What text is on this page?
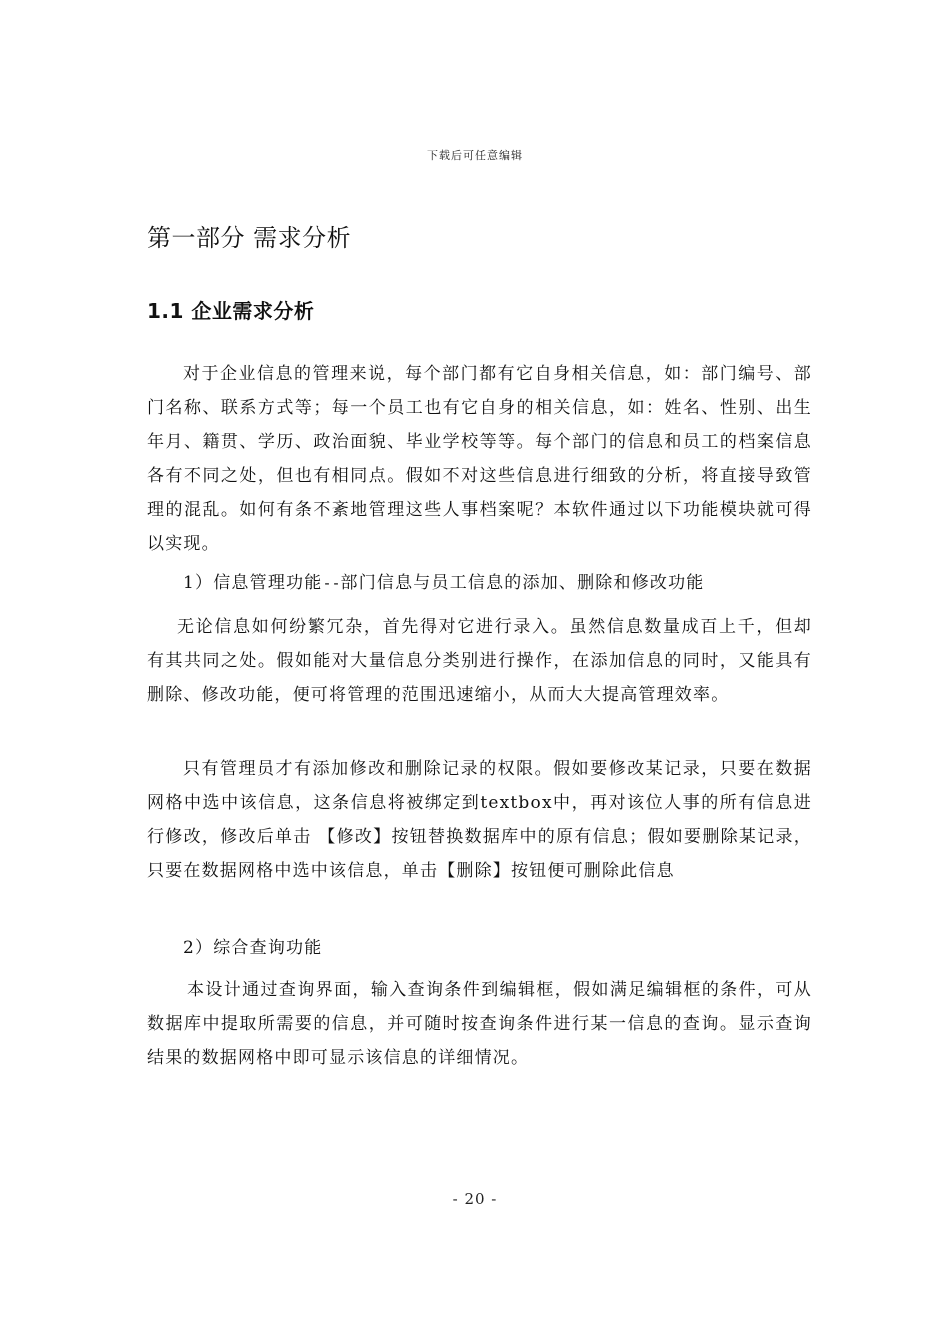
下载后可任意编辑
第一部分 需求分析
1.1 企业需求分析

对于企业信息的管理来说，每个部门都有它自身相关信息，如：部门编号、部门名称、联系方式等；每一个员工也有它自身的相关信息，如：姓名、性别、出生年月、籍贯、学历、政治面貌、毕业学校等等。每个部门的信息和员工的档案信息各有不同之处，但也有相同点。假如不对这些信息进行细致的分析，将直接导致管理的混乱。如何有条不紊地管理这些人事档案呢？本软件通过以下功能模块就可得以实现。

1）信息管理功能--部门信息与员工信息的添加、删除和修改功能

无论信息如何纷繁冗杂，首先得对它进行录入。虽然信息数量成百上千，但却有其共同之处。假如能对大量信息分类别进行操作，在添加信息的同时，又能具有删除、修改功能，便可将管理的范围迅速缩小，从而大大提高管理效率。

只有管理员才有添加修改和删除记录的权限。假如要修改某记录，只要在数据网格中选中该信息，这条信息将被绑定到textbox中，再对该位人事的所有信息进行修改，修改后单击 【修改】按钮替换数据库中的原有信息；假如要删除某记录，只要在数据网格中选中该信息，单击【删除】按钮便可删除此信息

2）综合查询功能

本设计通过查询界面，输入查询条件到编辑框，假如满足编辑框的条件，可从数据库中提取所需要的信息，并可随时按查询条件进行某一信息的查询。显示查询结果的数据网格中即可显示该信息的详细情况。

- 20 -
